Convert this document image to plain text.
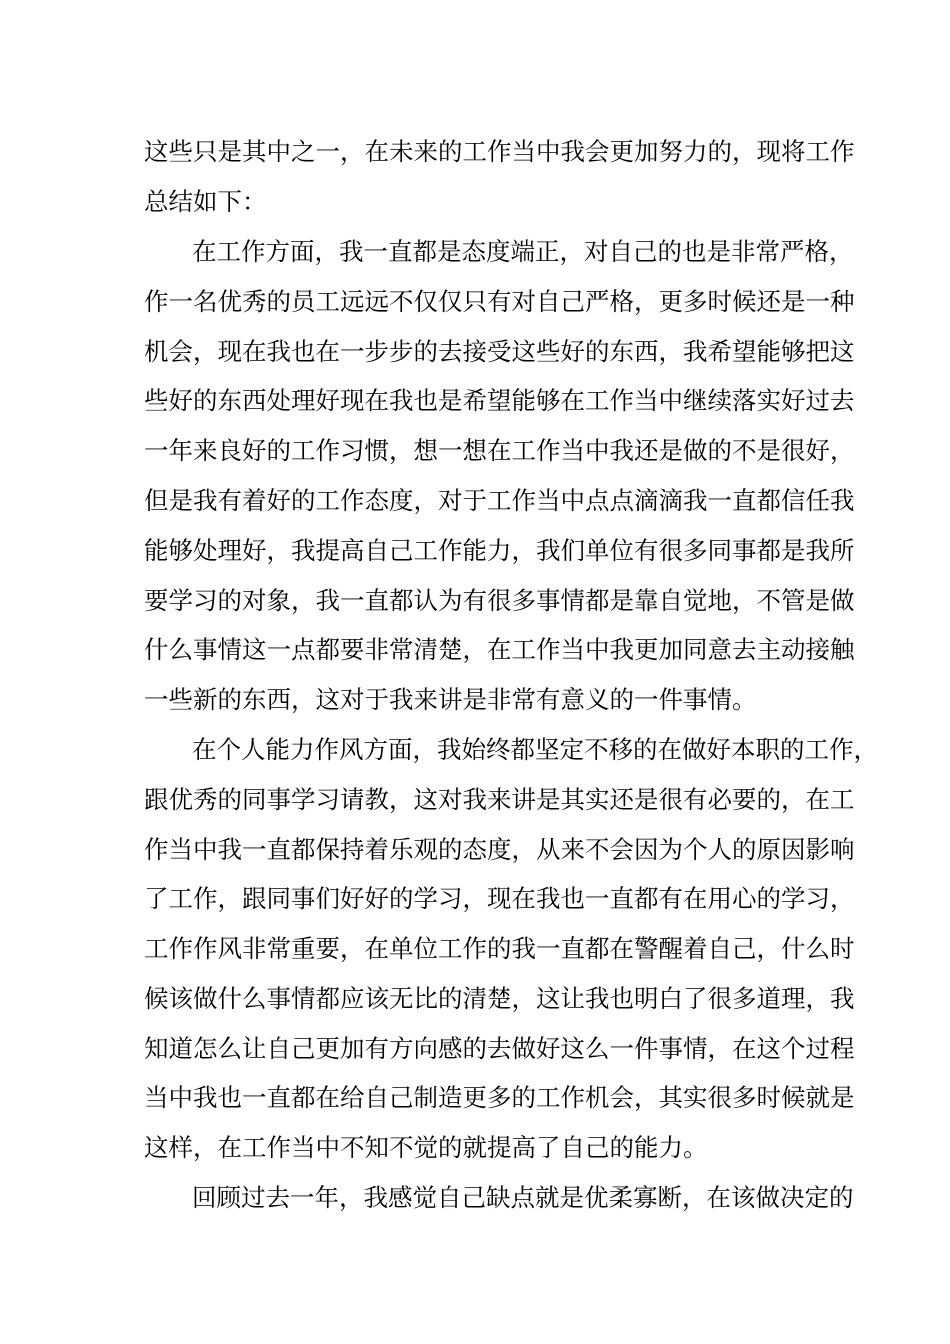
这些只是其中之一，在未来的工作当中我会更加努力的，现将工作

总结如下：

在工作方面，我一直都是态度端正，对自己的也是非常严格，

作一名优秀的员工远远不仅仅只有对自己严格，更多时候还是一种

机会，现在我也在一步步的去接受这些好的东西，我希望能够把这

些好的东西处理好现在我也是希望能够在工作当中继续落实好过去

一年来良好的工作习惯，想一想在工作当中我还是做的不是很好，

但是我有着好的工作态度，对于工作当中点点滴滴我一直都信任我

能够处理好，我提高自己工作能力，我们单位有很多同事都是我所

要学习的对象，我一直都认为有很多事情都是靠自觉地，不管是做

什么事情这一点都要非常清楚，在工作当中我更加同意去主动接触

一些新的东西，这对于我来讲是非常有意义的一件事情。

在个人能力作风方面，我始终都坚定不移的在做好本职的工作，

跟优秀的同事学习请教，这对我来讲是其实还是很有必要的，在工

作当中我一直都保持着乐观的态度，从来不会因为个人的原因影响

了工作，跟同事们好好的学习，现在我也一直都有在用心的学习，

工作作风非常重要，在单位工作的我一直都在警醒着自己，什么时

候该做什么事情都应该无比的清楚，这让我也明白了很多道理，我

知道怎么让自己更加有方向感的去做好这么一件事情，在这个过程

当中我也一直都在给自己制造更多的工作机会，其实很多时候就是

这样，在工作当中不知不觉的就提高了自己的能力。

回顾过去一年，我感觉自己缺点就是优柔寡断，在该做决定的
